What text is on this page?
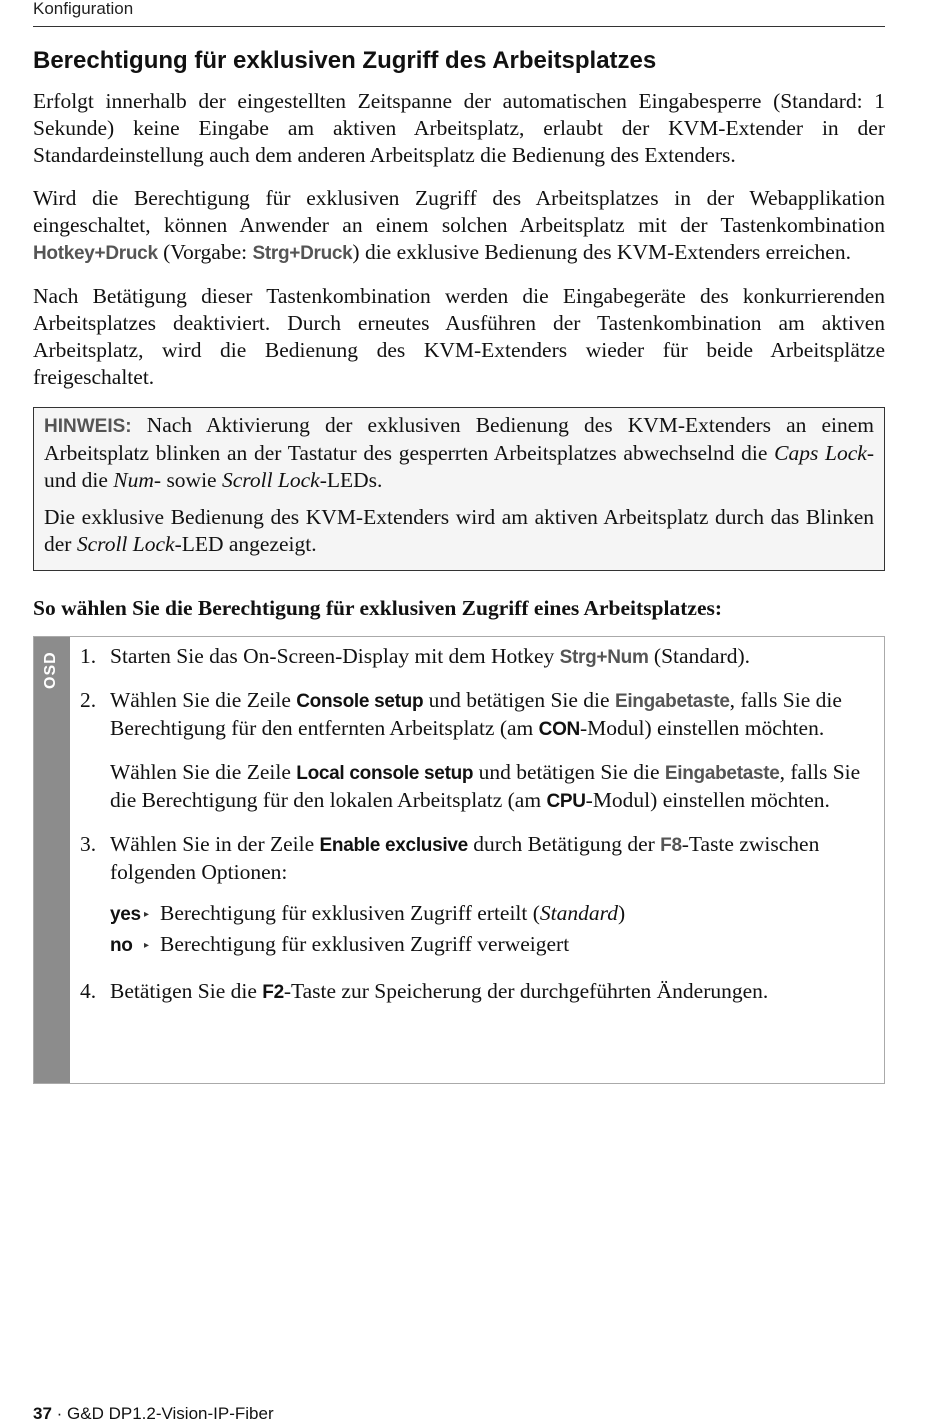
Konfiguration
Berechtigung für exklusiven Zugriff des Arbeitsplatzes

Erfolgt innerhalb der eingestellten Zeitspanne der automatischen Eingabesperre (Standard: 1 Sekunde) keine Eingabe am aktiven Arbeitsplatz, erlaubt der KVM-Extender in der Standardeinstellung auch dem anderen Arbeitsplatz die Bedienung des Extenders.

Wird die Berechtigung für exklusiven Zugriff des Arbeitsplatzes in der Webapplikation eingeschaltet, können Anwender an einem solchen Arbeitsplatz mit der Tastenkombination Hotkey+Druck (Vorgabe: Strg+Druck) die exklusive Bedienung des KVM-Extenders erreichen.

Nach Betätigung dieser Tastenkombination werden die Eingabegeräte des konkurrierenden Arbeitsplatzes deaktiviert. Durch erneutes Ausführen der Tastenkombination am aktiven Arbeitsplatz, wird die Bedienung des KVM-Extenders wieder für beide Arbeitsplätze freigeschaltet.

HINWEIS: Nach Aktivierung der exklusiven Bedienung des KVM-Extenders an einem Arbeitsplatz blinken an der Tastatur des gesperrten Arbeitsplatzes abwechselnd die Caps Lock- und die Num- sowie Scroll Lock-LEDs.

Die exklusive Bedienung des KVM-Extenders wird am aktiven Arbeitsplatz durch das Blinken der Scroll Lock-LED angezeigt.

So wählen Sie die Berechtigung für exklusiven Zugriff eines Arbeitsplatzes:
OSD 1. Starten Sie das On-Screen-Display mit dem Hotkey Strg+Num (Standard).
2. Wählen Sie die Zeile Console setup und betätigen Sie die Eingabetaste, falls Sie die Berechtigung für den entfernten Arbeitsplatz (am CON-Modul) einstellen möchten.

Wählen Sie die Zeile Local console setup und betätigen Sie die Eingabetaste, falls Sie die Berechtigung für den lokalen Arbeitsplatz (am CPU-Modul) einstellen möchten.

3. Wählen Sie in der Zeile Enable exclusive durch Betätigung der F8-Taste zwischen folgenden Optionen:
yes ▸ Berechtigung für exklusiven Zugriff erteilt (Standard)
no	▸ Berechtigung für exklusiven Zugriff verweigert
4. Betätigen Sie die F2-Taste zur Speicherung der durchgeführten Änderungen.
37 · G&D DP1.2-Vision-IP-Fiber
